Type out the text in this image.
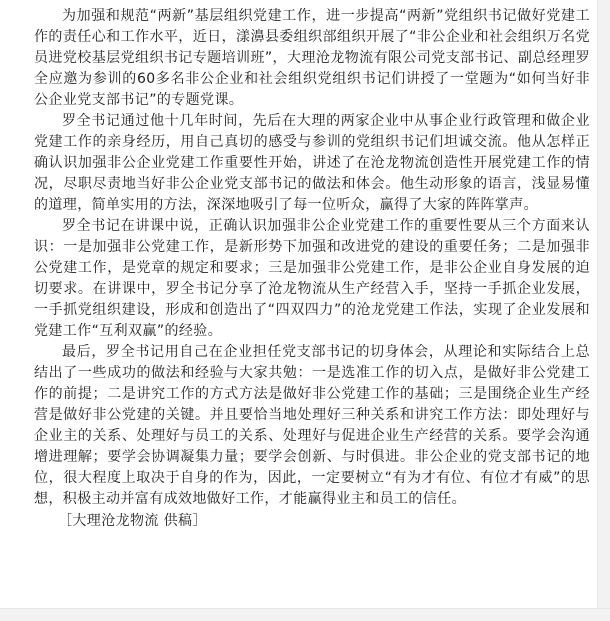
为加强和规范“两新”基层组织党建工作，进一步提高“两新”党组织书记做好党建工作的责任心和工作水平，近日，漾濞县委组织部组织开展了“非公企业和社会组织万名党员进党校基层党组织书记专题培训班”，大理沧龙物流有限公司党支部书记、副总经理罗全应邀为参训的60多名非公企业和社会组织党组织书记们讲授了一堂题为“如何当好非公企业党支部书记”的专题党课。

罗全书记通过他十几年时间，先后在大理的两家企业中从事企业行政管理和做企业党建工作的亲身经历，用自己真切的感受与参训的党组织书记们坦诚交流。他从怎样正确认识加强非公企业党建工作重要性开始，讲述了在沧龙物流创造性开展党建工作的情况，尽职尽责地当好非公企业党支部书记的做法和体会。他生动形象的语言，浅显易懂的道理，简单实用的方法，深深地吸引了每一位听众，赢得了大家的阵阵掌声。

罗全书记在讲课中说，正确认识加强非公企业党建工作的重要性要从三个方面来认识：一是加强非公党建工作，是新形势下加强和改进党的建设的重要任务；二是加强非公党建工作，是党章的规定和要求；三是加强非公党建工作，是非公企业自身发展的迫切要求。在讲课中，罗全书记分享了沧龙物流从生产经营入手，坚持一手抓企业发展，一手抓党组织建设，形成和创造出了“四双四力”的沧龙党建工作法，实现了企业发展和党建工作“互利双赢”的经验。

最后，罗全书记用自己在企业担任党支部书记的切身体会，从理论和实际结合上总结出了一些成功的做法和经验与大家共勉：一是选准工作的切入点，是做好非公党建工作的前提；二是讲究工作的方式方法是做好非公党建工作的基础；三是围绕企业生产经营是做好非公党建的关键。并且要恰当地处理好三种关系和讲究工作方法：即处理好与企业主的关系、处理好与员工的关系、处理好与促进企业生产经营的关系。要学会沟通增进理解；要学会协调凝集力量；要学会创新、与时俱进。非公企业的党支部书记的地位，很大程度上取决于自身的作为，因此，一定要树立“有为才有位、有位才有威”的思想，积极主动并富有成效地做好工作，才能赢得业主和员工的信任。

［大理沧龙物流 供稿］
